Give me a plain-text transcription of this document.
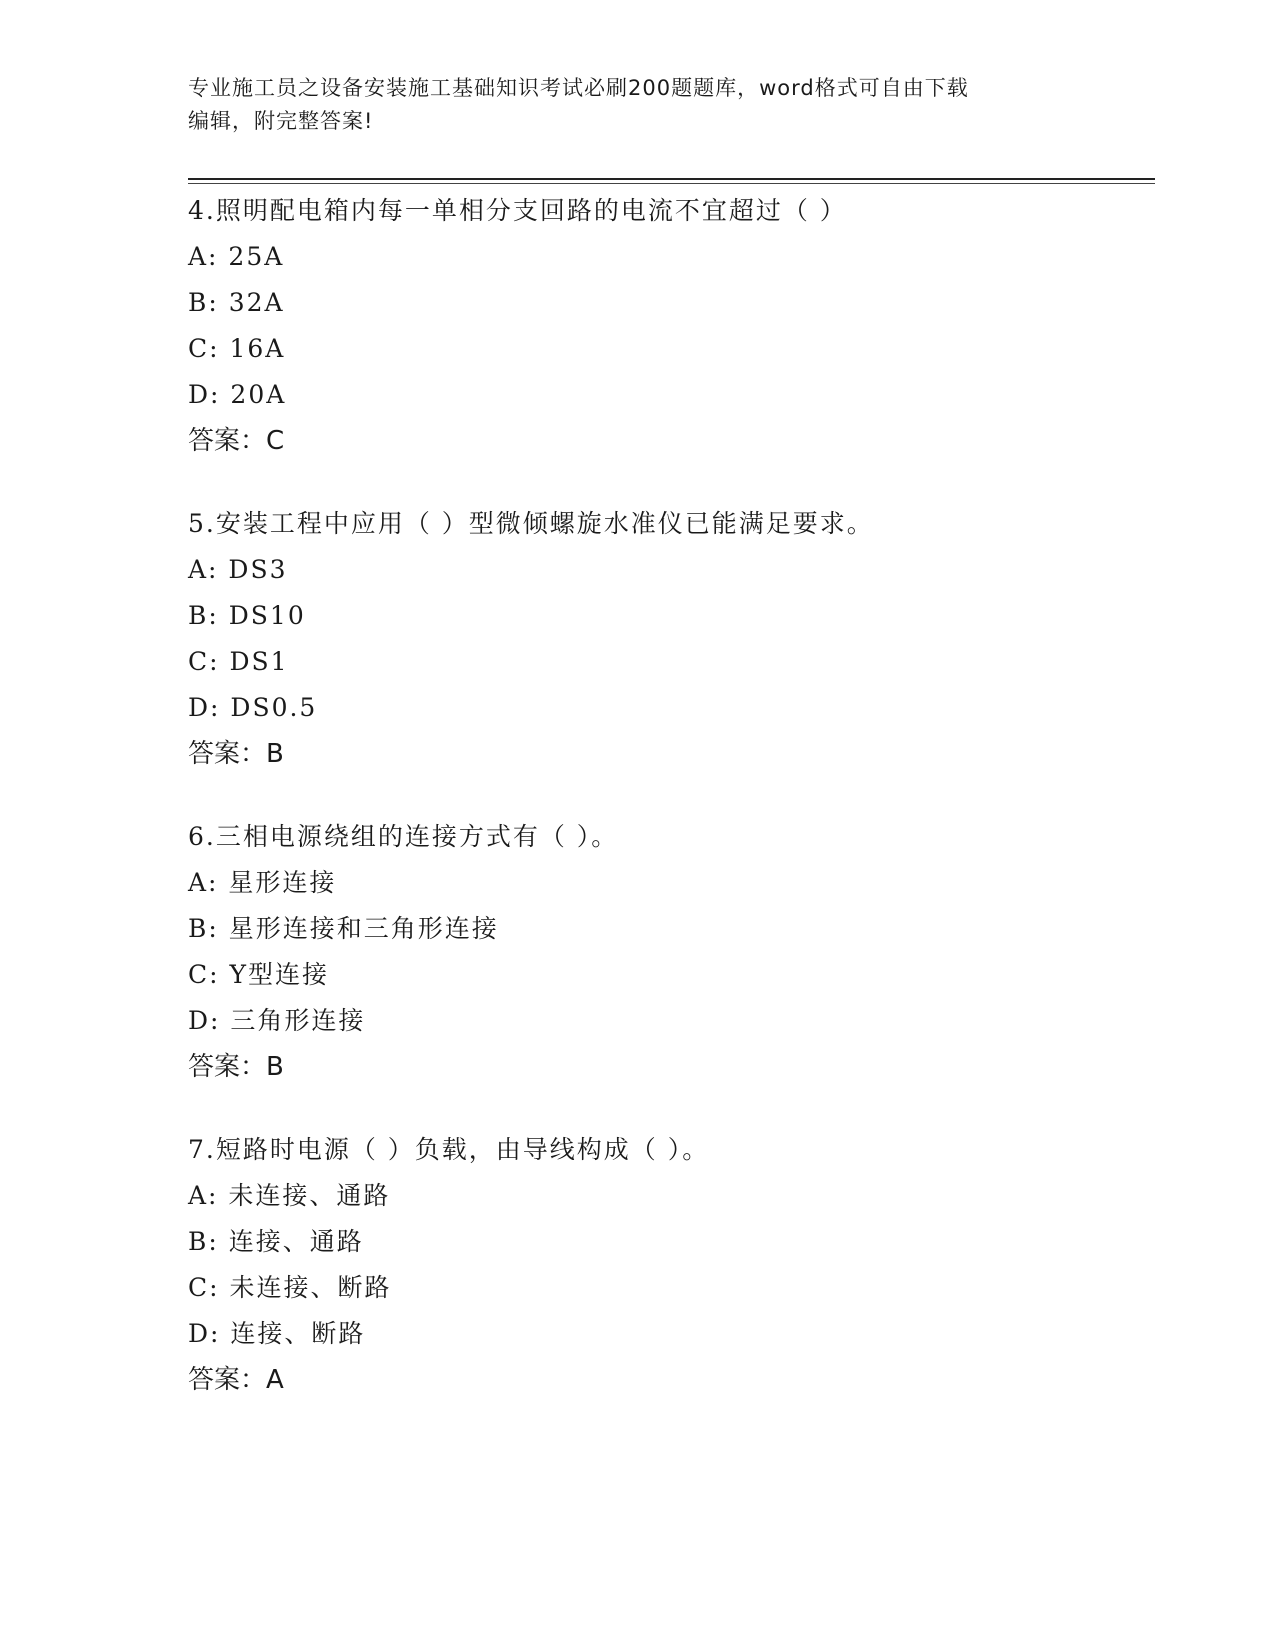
专业施工员之设备安装施工基础知识考试必刷200题题库，word格式可自由下载
编辑，附完整答案!
4.照明配电箱内每一单相分支回路的电流不宜超过（ ）
A: 25A
B: 32A
C: 16A
D: 20A
答案：C
5.安装工程中应用（ ）型微倾螺旋水准仪已能满足要求。
A: DS3
B: DS10
C: DS1
D: DS0.5
答案：B
6.三相电源绕组的连接方式有（ ）。
A: 星形连接
B: 星形连接和三角形连接
C: Y型连接
D: 三角形连接
答案：B
7.短路时电源（ ）负载，由导线构成（ ）。
A: 未连接、通路
B: 连接、通路
C: 未连接、断路
D: 连接、断路
答案：A
